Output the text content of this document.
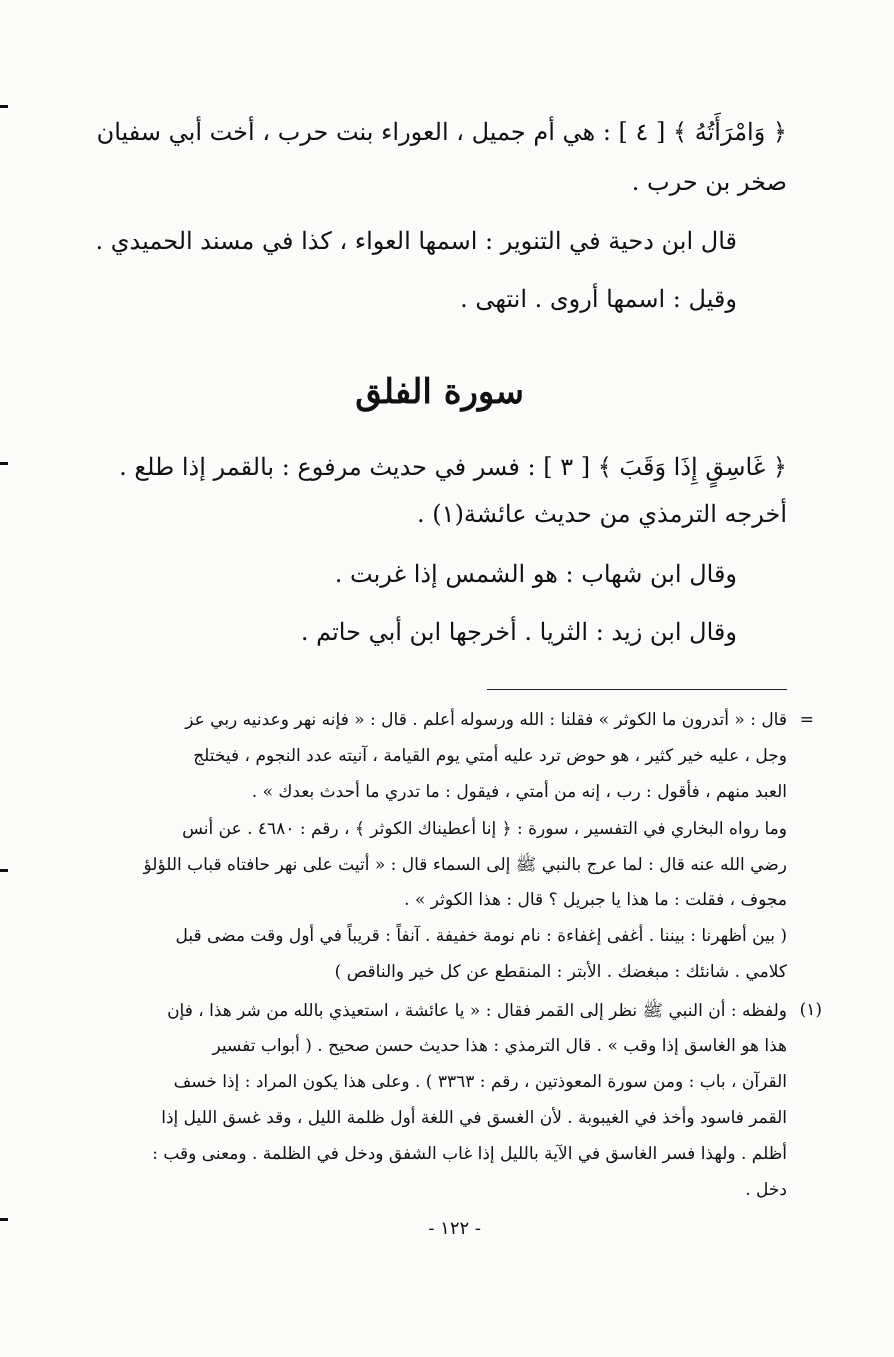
﴿ وَامْرَأَتُهُ ﴾ [ ٤ ] : هي أم جميل ، العوراء بنت حرب ، أخت أبي سفيان
صخر بن حرب .
قال ابن دحية في التنوير : اسمها العواء ، كذا في مسند الحميدي .
وقيل : اسمها أروى . انتهى .
سورة الفلق
﴿ غَاسِقٍ إِذَا وَقَبَ ﴾ [ ٣ ] : فسر في حديث مرفوع : بالقمر إذا طلع .
أخرجه الترمذي من حديث عائشة(١) .
وقال ابن شهاب : هو الشمس إذا غربت .
وقال ابن زيد : الثريا . أخرجها ابن أبي حاتم .
=
قال : « أتدرون ما الكوثر » فقلنا : الله ورسوله أعلم . قال : « فإنه نهر وعدنيه ربي عز
وجل ، عليه خير كثير ، هو حوض ترد عليه أمتي يوم القيامة ، آنيته عدد النجوم ، فيختلج
العبد منهم ، فأقول : رب ، إنه من أمتي ، فيقول : ما تدري ما أحدث بعدك » .
وما رواه البخاري في التفسير ، سورة : ﴿ إنا أعطيناك الكوثر ﴾ ، رقم : ٤٦٨٠ . عن أنس
رضي الله عنه قال : لما عرج بالنبي ﷺ إلى السماء قال : « أتيت على نهر حافتاه قباب اللؤلؤ
مجوف ، فقلت : ما هذا يا جبريل ؟ قال : هذا الكوثر » .
( بين أظهرنا : بيننا . أغفى إغفاءة : نام نومة خفيفة . آنفاً : قريباً في أول وقت مضى قبل
كلامي . شانئك : مبغضك . الأبتر : المنقطع عن كل خير والناقص )
(١)
ولفظه : أن النبي ﷺ نظر إلى القمر فقال : « يا عائشة ، استعيذي بالله من شر هذا ، فإن
هذا هو الغاسق إذا وقب » . قال الترمذي : هذا حديث حسن صحيح . ( أبواب تفسير
القرآن ، باب : ومن سورة المعوذتين ، رقم : ٣٣٦٣ ) . وعلى هذا يكون المراد : إذا خسف
القمر فاسود وأخذ في الغيبوبة . لأن الغسق في اللغة أول ظلمة الليل ، وقد غسق الليل إذا
أظلم . ولهذا فسر الغاسق في الآية بالليل إذا غاب الشفق ودخل في الظلمة . ومعنى وقب :
دخل .
- ١٢٢ -
